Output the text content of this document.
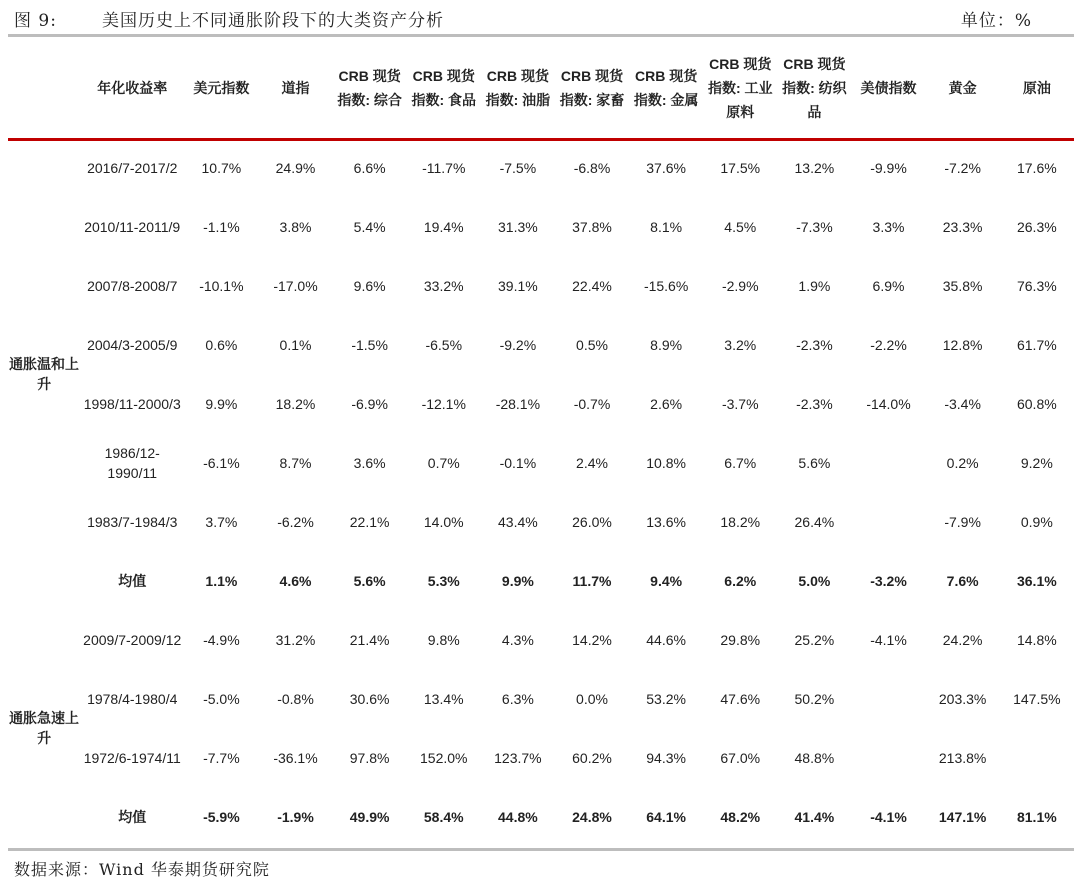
图 9:	美国历史上不同通胀阶段下的大类资产分析	单位：%
	年化收益率	美元指数	道指	CRB 现货指数: 综合	CRB 现货指数: 食品	CRB 现货指数: 油脂	CRB 现货指数: 家畜	CRB 现货指数: 金属	CRB 现货指数: 工业原料	CRB 现货指数: 纺织品	美债指数	黄金	原油
通胀温和上升	2016/7-2017/2	10.7%	24.9%	6.6%	-11.7%	-7.5%	-6.8%	37.6%	17.5%	13.2%	-9.9%	-7.2%	17.6%
	2010/11-2011/9	-1.1%	3.8%	5.4%	19.4%	31.3%	37.8%	8.1%	4.5%	-7.3%	3.3%	23.3%	26.3%
	2007/8-2008/7	-10.1%	-17.0%	9.6%	33.2%	39.1%	22.4%	-15.6%	-2.9%	1.9%	6.9%	35.8%	76.3%
	2004/3-2005/9	0.6%	0.1%	-1.5%	-6.5%	-9.2%	0.5%	8.9%	3.2%	-2.3%	-2.2%	12.8%	61.7%
	1998/11-2000/3	9.9%	18.2%	-6.9%	-12.1%	-28.1%	-0.7%	2.6%	-3.7%	-2.3%	-14.0%	-3.4%	60.8%
	1986/12-1990/11	-6.1%	8.7%	3.6%	0.7%	-0.1%	2.4%	10.8%	6.7%	5.6%		0.2%	9.2%
	1983/7-1984/3	3.7%	-6.2%	22.1%	14.0%	43.4%	26.0%	13.6%	18.2%	26.4%		-7.9%	0.9%
	均值	1.1%	4.6%	5.6%	5.3%	9.9%	11.7%	9.4%	6.2%	5.0%	-3.2%	7.6%	36.1%
通胀急速上升	2009/7-2009/12	-4.9%	31.2%	21.4%	9.8%	4.3%	14.2%	44.6%	29.8%	25.2%	-4.1%	24.2%	14.8%
	1978/4-1980/4	-5.0%	-0.8%	30.6%	13.4%	6.3%	0.0%	53.2%	47.6%	50.2%		203.3%	147.5%
	1972/6-1974/11	-7.7%	-36.1%	97.8%	152.0%	123.7%	60.2%	94.3%	67.0%	48.8%		213.8%	
	均值	-5.9%	-1.9%	49.9%	58.4%	44.8%	24.8%	64.1%	48.2%	41.4%	-4.1%	147.1%	81.1%
数据来源：Wind 华泰期货研究院
